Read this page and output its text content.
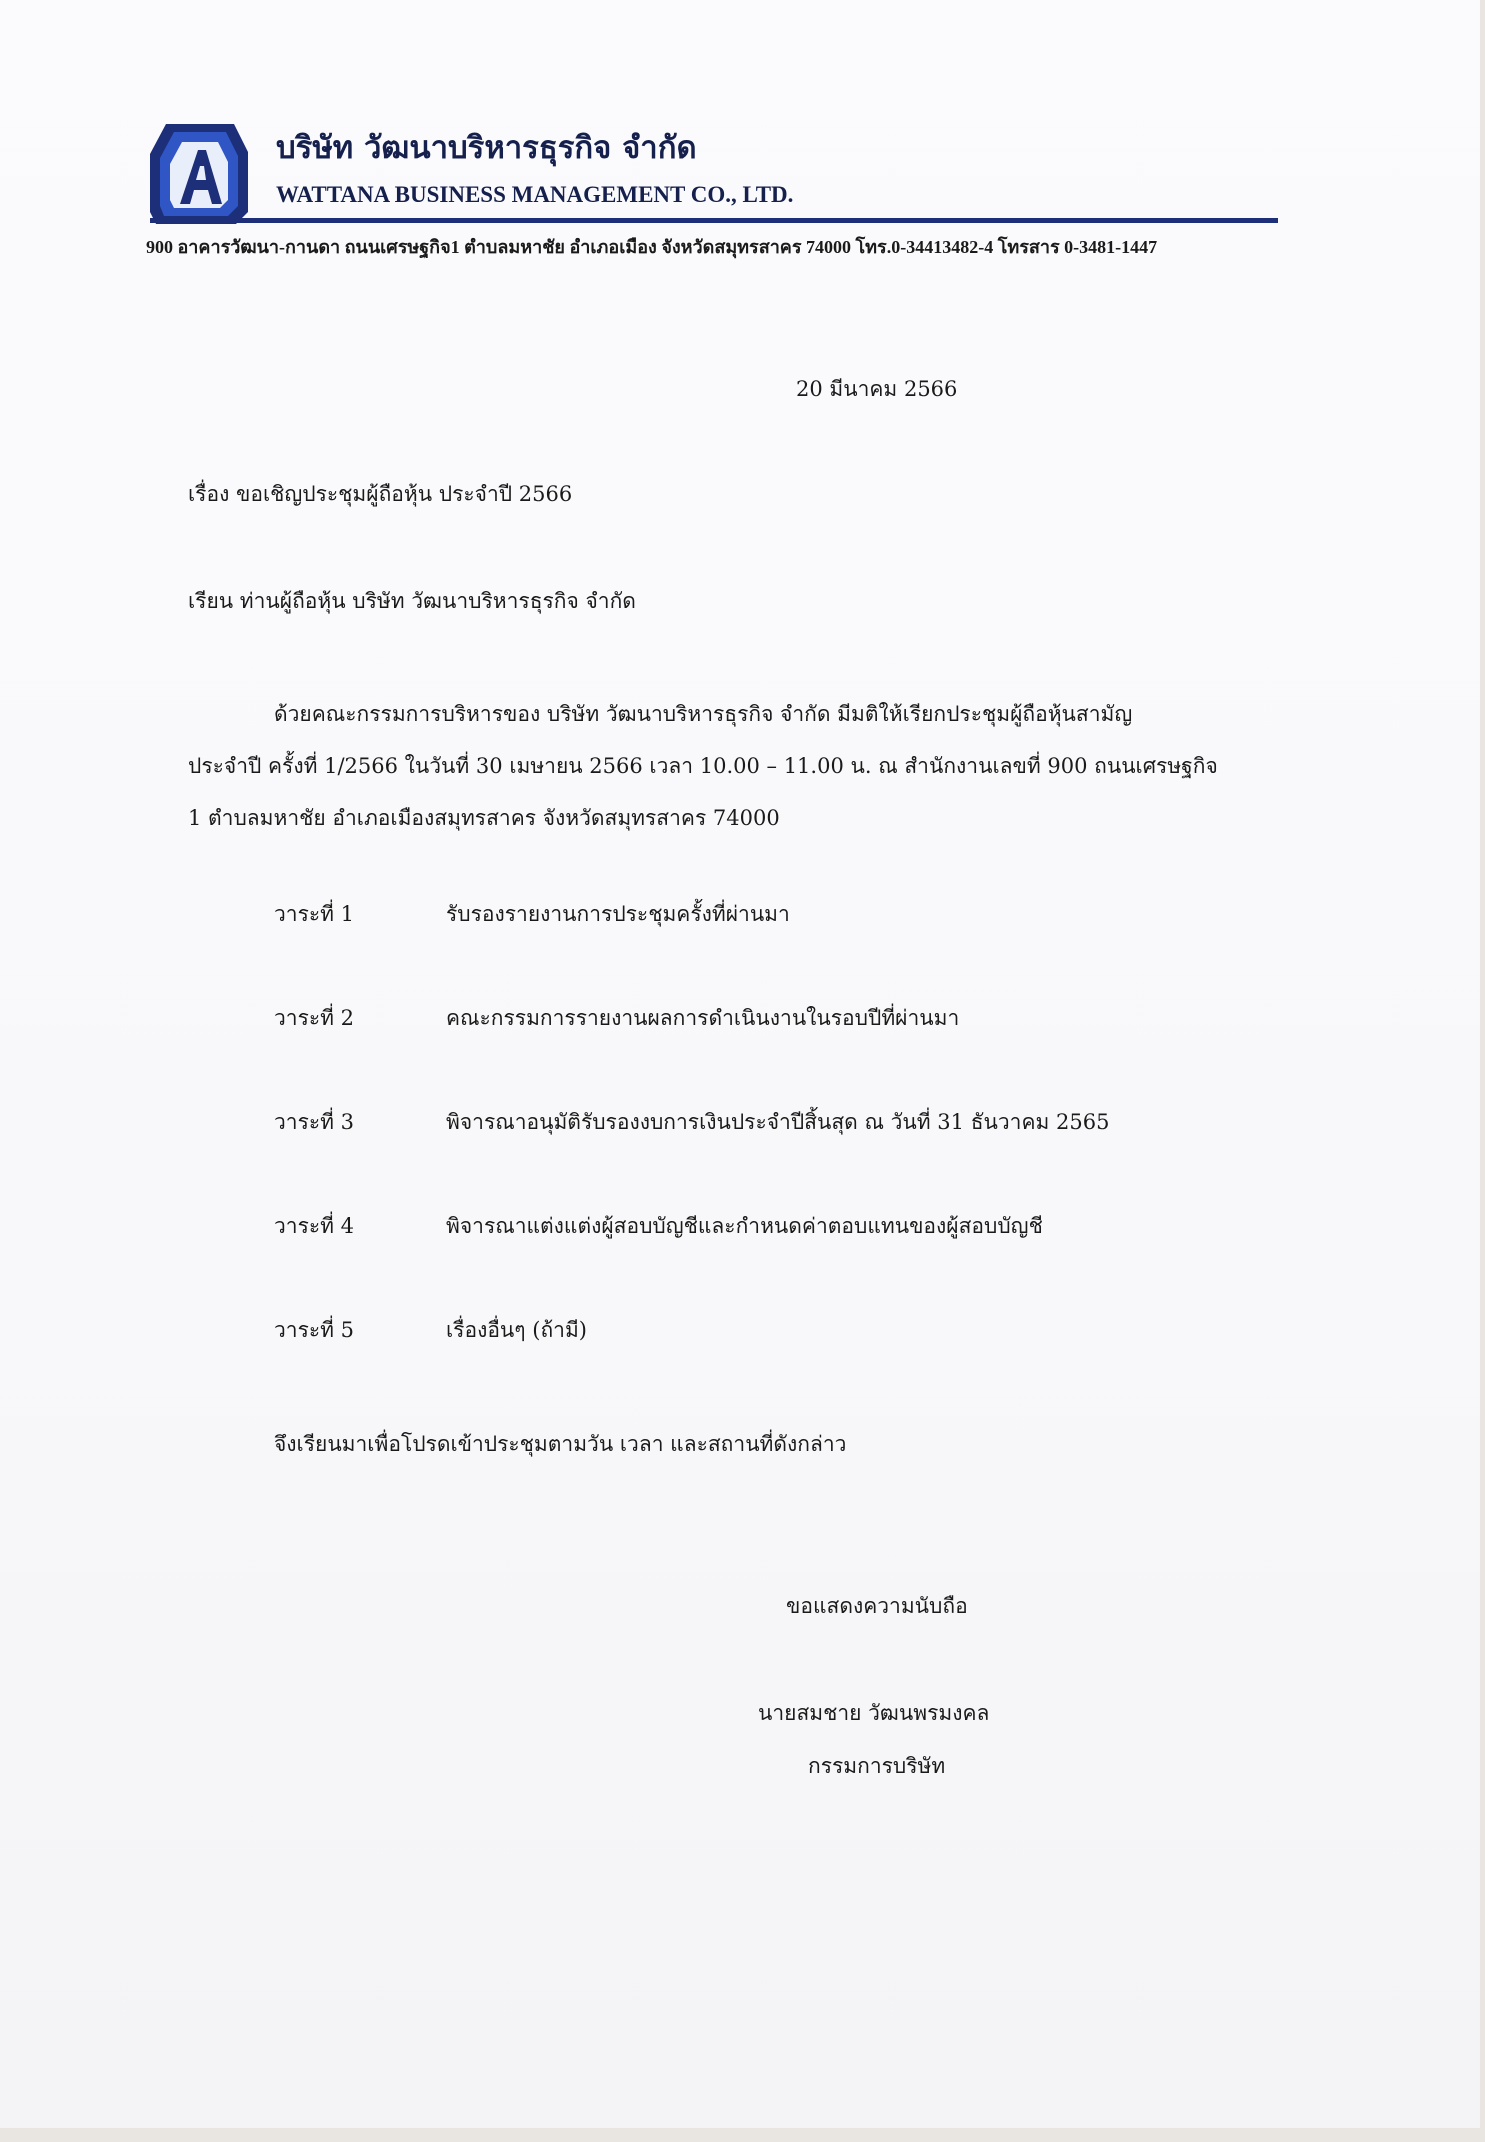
บริษัท วัฒนาบริหารธุรกิจ จำกัด
WATTANA BUSINESS MANAGEMENT CO., LTD.
900 อาคารวัฒนา-กานดา ถนนเศรษฐกิจ1 ตำบลมหาชัย อำเภอเมือง จังหวัดสมุทรสาคร 74000 โทร.0-34413482-4 โทรสาร 0-3481-1447
20 มีนาคม 2566
เรื่อง ขอเชิญประชุมผู้ถือหุ้น ประจำปี 2566
เรียน ท่านผู้ถือหุ้น บริษัท วัฒนาบริหารธุรกิจ จำกัด
ด้วยคณะกรรมการบริหารของ บริษัท วัฒนาบริหารธุรกิจ จำกัด มีมติให้เรียกประชุมผู้ถือหุ้นสามัญ
ประจำปี ครั้งที่ 1/2566 ในวันที่ 30 เมษายน 2566 เวลา 10.00 – 11.00 น. ณ สำนักงานเลขที่ 900 ถนนเศรษฐกิจ
1 ตำบลมหาชัย อำเภอเมืองสมุทรสาคร จังหวัดสมุทรสาคร 74000
วาระที่ 1	รับรองรายงานการประชุมครั้งที่ผ่านมา
วาระที่ 2	คณะกรรมการรายงานผลการดำเนินงานในรอบปีที่ผ่านมา
วาระที่ 3	พิจารณาอนุมัติรับรองงบการเงินประจำปีสิ้นสุด ณ วันที่ 31 ธันวาคม 2565
วาระที่ 4	พิจารณาแต่งแต่งผู้สอบบัญชีและกำหนดค่าตอบแทนของผู้สอบบัญชี
วาระที่ 5	เรื่องอื่นๆ (ถ้ามี)
จึงเรียนมาเพื่อโปรดเข้าประชุมตามวัน เวลา และสถานที่ดังกล่าว
ขอแสดงความนับถือ
นายสมชาย วัฒนพรมงคล
กรรมการบริษัท
